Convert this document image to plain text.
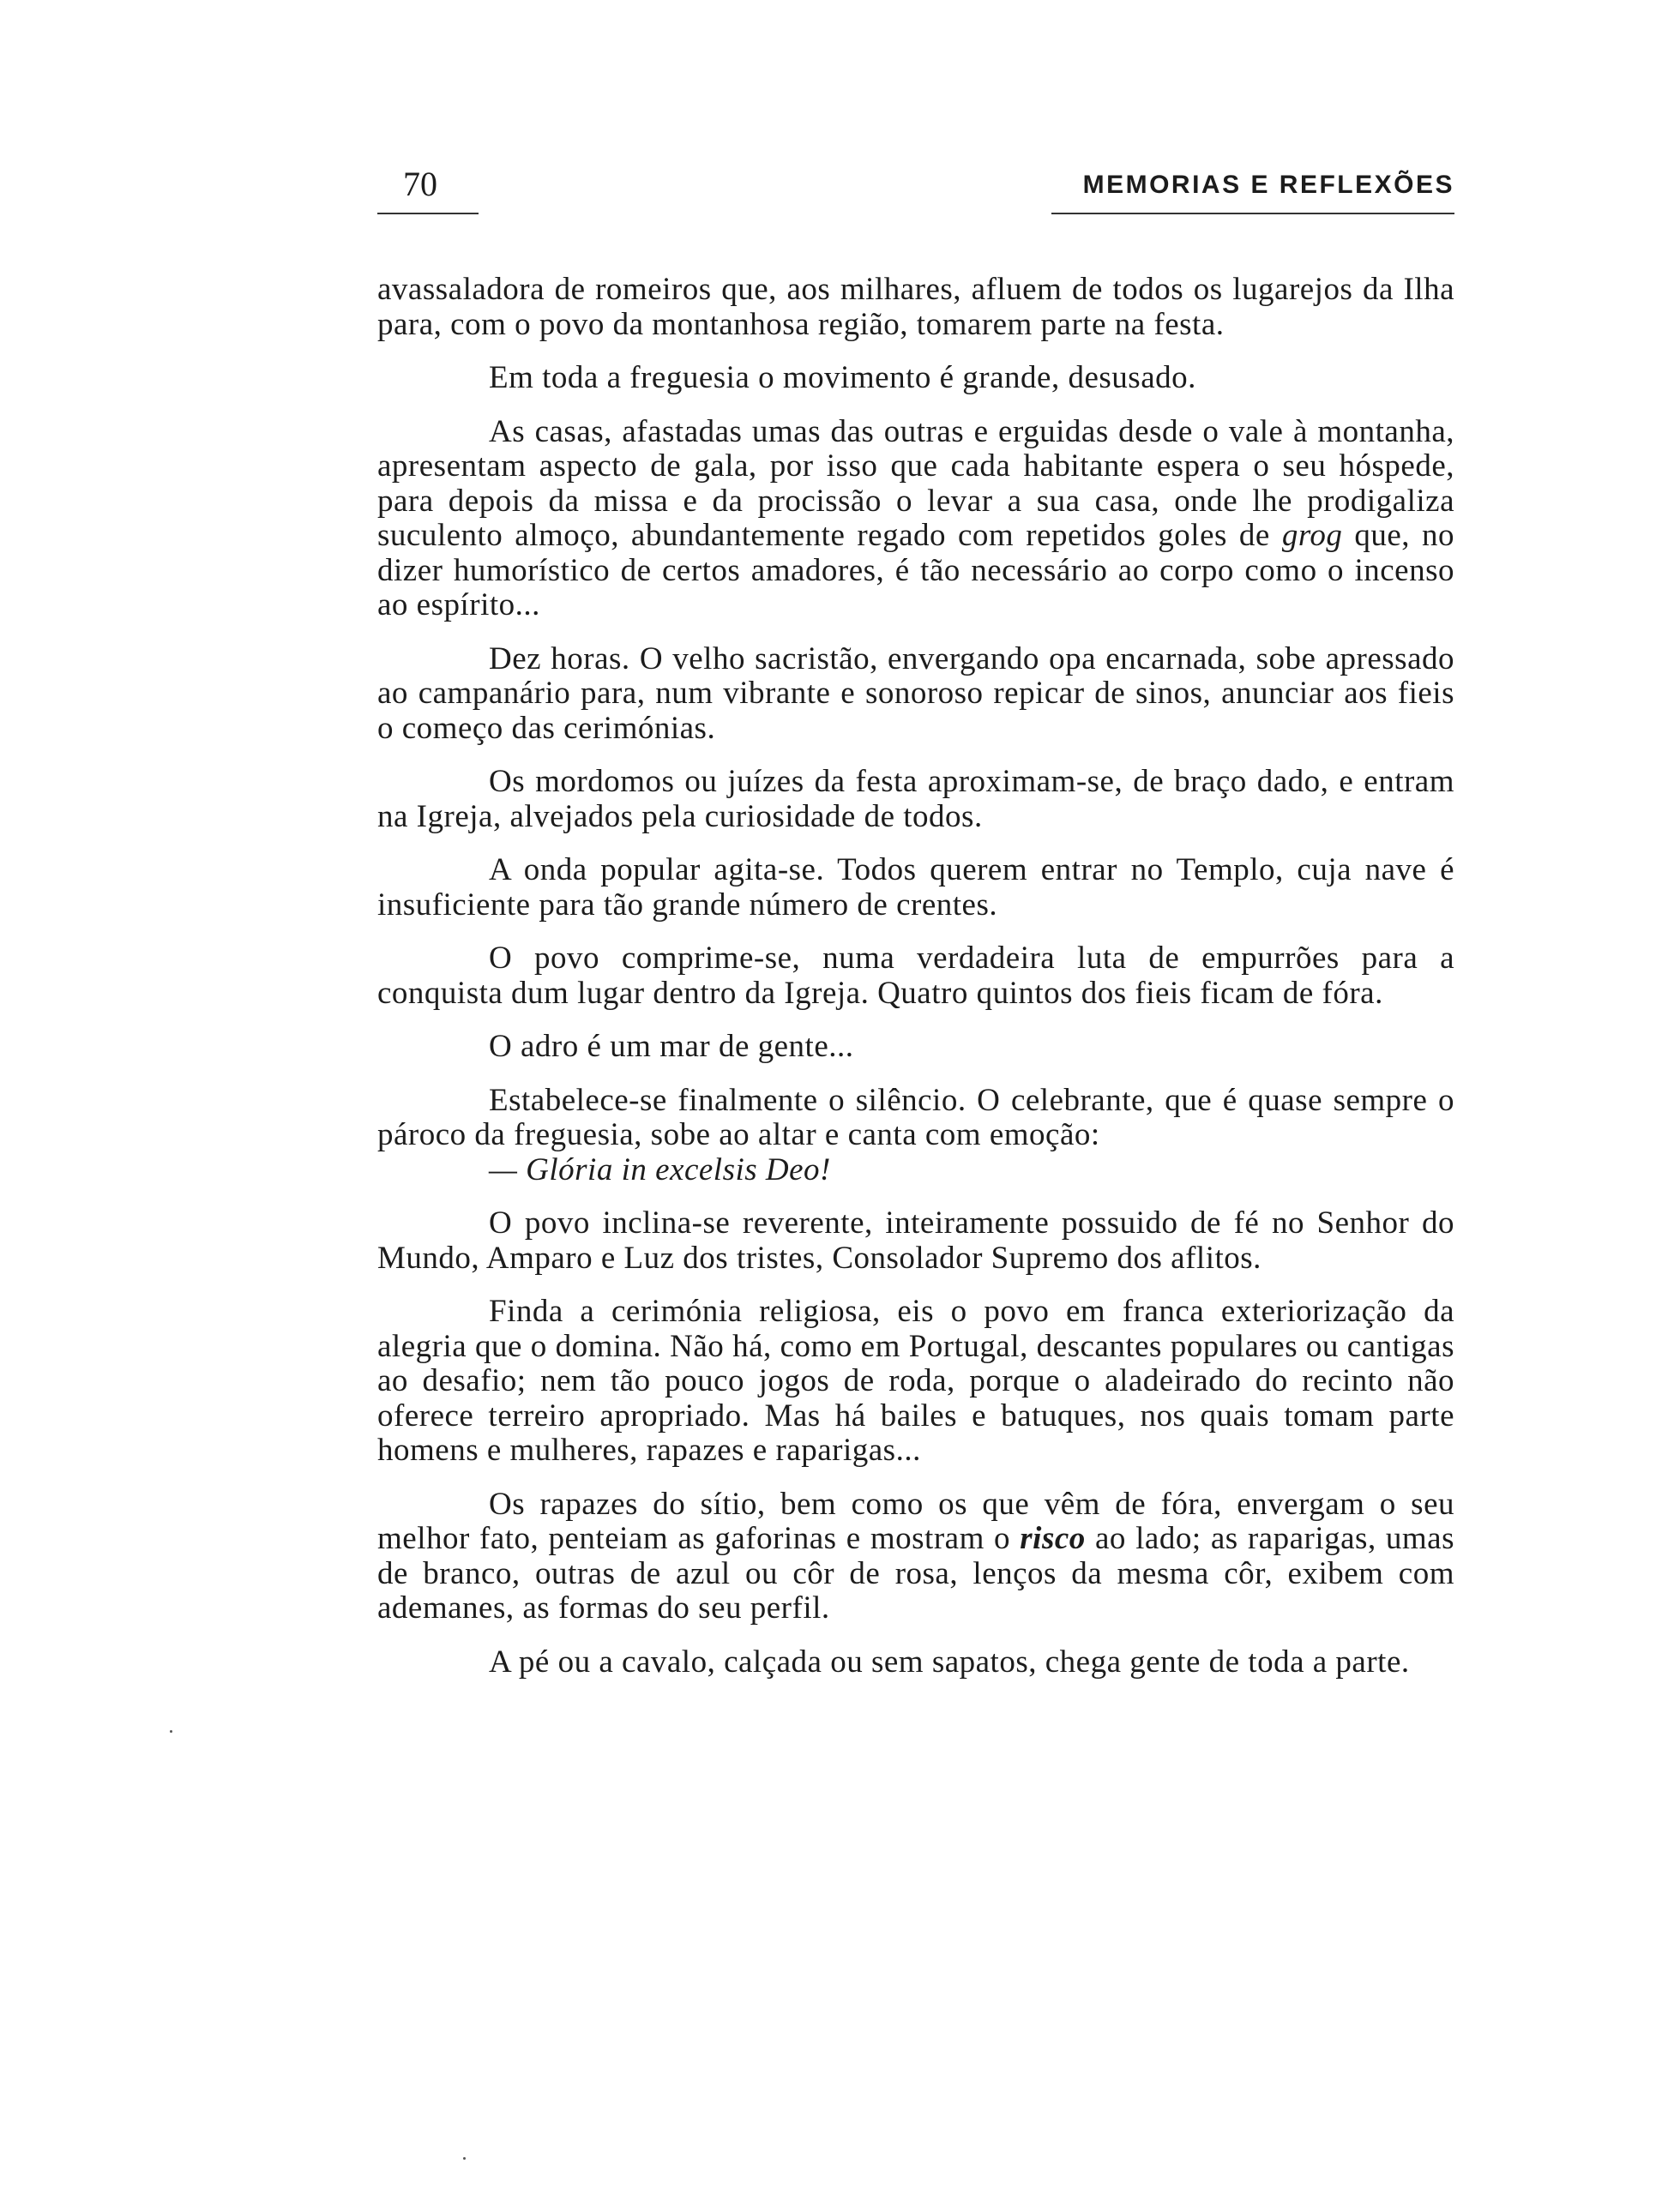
70	MEMORIAS E REFLEXÕES

avassaladora de romeiros que, aos milhares, afluem de todos os lugarejos da Ilha para, com o povo da montanhosa região, tomarem parte na festa.

Em toda a freguesia o movimento é grande, desusado.

As casas, afastadas umas das outras e erguidas desde o vale à montanha, apresentam aspecto de gala, por isso que cada habitante espera o seu hóspede, para depois da missa e da procissão o levar a sua casa, onde lhe prodigaliza suculento almoço, abundantemente regado com repetidos goles de grog que, no dizer humorístico de certos amadores, é tão necessário ao corpo como o incenso ao espírito...

Dez horas. O velho sacristão, envergando opa encarnada, sobe apressado ao campanário para, num vibrante e sonoroso repicar de sinos, anunciar aos fieis o começo das cerimónias.

Os mordomos ou juízes da festa aproximam-se, de braço dado, e entram na Igreja, alvejados pela curiosidade de todos.

A onda popular agita-se. Todos querem entrar no Templo, cuja nave é insuficiente para tão grande número de crentes.

O povo comprime-se, numa verdadeira luta de empurrões para a conquista dum lugar dentro da Igreja. Quatro quintos dos fieis ficam de fóra.

O adro é um mar de gente...

Estabelece-se finalmente o silêncio. O celebrante, que é quase sempre o pároco da freguesia, sobe ao altar e canta com emoção:
— Glória in excelsis Deo!

O povo inclina-se reverente, inteiramente possuido de fé no Senhor do Mundo, Amparo e Luz dos tristes, Consolador Supremo dos aflitos.

Finda a cerimónia religiosa, eis o povo em franca exteriorização da alegria que o domina. Não há, como em Portugal, descantes populares ou cantigas ao desafio; nem tão pouco jogos de roda, porque o aladeirado do recinto não oferece terreiro apropriado. Mas há bailes e batuques, nos quais tomam parte homens e mulheres, rapazes e raparigas...

Os rapazes do sítio, bem como os que vêm de fóra, envergam o seu melhor fato, penteiam as gaforinas e mostram o risco ao lado; as raparigas, umas de branco, outras de azul ou côr de rosa, lenços da mesma côr, exibem com ademanes, as formas do seu perfil.

A pé ou a cavalo, calçada ou sem sapatos, chega gente de toda a parte.
